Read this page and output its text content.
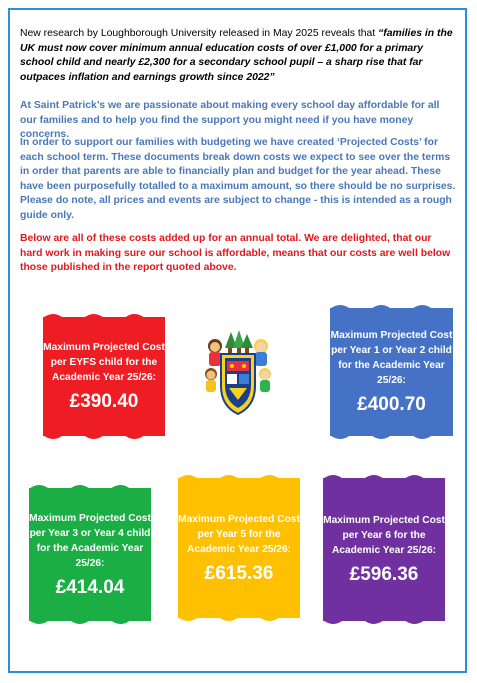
New research by Loughborough University released in May 2025 reveals that “families in the UK must now cover minimum annual education costs of over £1,000 for a primary school child and nearly £2,300 for a secondary school pupil – a sharp rise that far outpaces inflation and earnings growth since 2022”
At Saint Patrick’s we are passionate about making every school day affordable for all our families and to help you find the support you might need if you have money concerns.
In order to support our families with budgeting we have created ‘Projected Costs’ for each school term. These documents break down costs we expect to see over the terms in order that parents are able to financially plan and budget for the year ahead. These have been purposefully totalled to a maximum amount, so there should be no surprises. Please do note, all prices and events are subject to change - this is intended as a rough guide only.
Below are all of these costs added up for an annual total. We are delighted, that our hard work in making sure our school is affordable, means that our costs are well below those published in the report quoted above.
Maximum Projected Cost per EYFS child for the Academic Year 25/26:
£390.40
Maximum Projected Cost per Year 1 or Year 2 child for the Academic Year 25/26:
£400.70
Maximum Projected Cost per Year 3 or Year 4 child for the Academic Year 25/26:
£414.04
Maximum Projected Cost per Year 5 for the Academic Year 25/26:
£615.36
Maximum Projected Cost per Year 6 for the Academic Year 25/26:
£596.36
